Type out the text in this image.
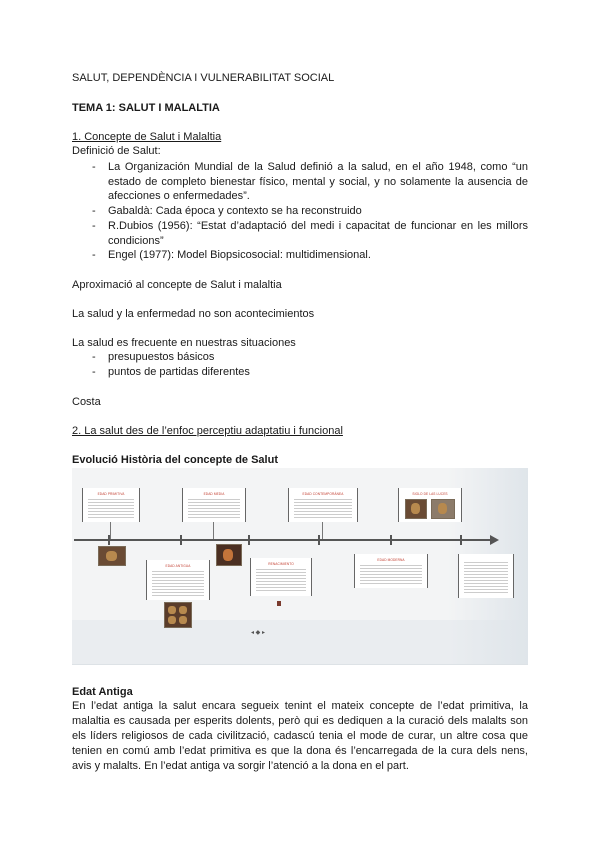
SALUT, DEPENDÈNCIA I VULNERABILITAT SOCIAL
TEMA 1: SALUT I MALALTIA
1. Concepte de Salut i Malaltia
Definició de Salut:
- La Organización Mundial de la Salud definió a la salud, en el año 1948, como “un estado de completo bienestar físico, mental y social, y no solamente la ausencia de afecciones o enfermedades”.
- Gabaldà: Cada época y contexto se ha reconstruido
- R.Dubios (1956): “Estat d’adaptació del medi i capacitat de funcionar en les millors condicions”
- Engel (1977): Model Biopsicosocial: multidimensional.
Aproximació al concepte de Salut i malaltia
La salud y la enfermedad no son acontecimientos
La salud es frecuente en nuestras situaciones
- presupuestos básicos
- puntos de partidas diferentes
Costa
2. La salut des de l’enfoc perceptiu adaptatiu i funcional
Evolució Història del concepte de Salut
EDAD PRIMITIVA	EDAD MEDIA	EDAD CONTEMPORÁNEA	SIGLO DE LAS LUCES
EDAD ANTIGUA	RENACIMIENTO
EDAD MODERNA
◂ ◆ ▸
Edat Antiga
En l’edat antiga la salut encara segueix tenint el mateix concepte de l’edat primitiva, la malaltia es causada per esperits dolents, però qui es dediquen a la curació dels malalts son els líders religiosos de cada civilització, cadascú tenia el mode de curar, un altre cosa que tenien en comú amb l’edat primitiva es que la dona és l’encarregada de la cura dels nens, avis y malalts. En l’edat antiga va sorgir l’atenció a la dona en el part.
